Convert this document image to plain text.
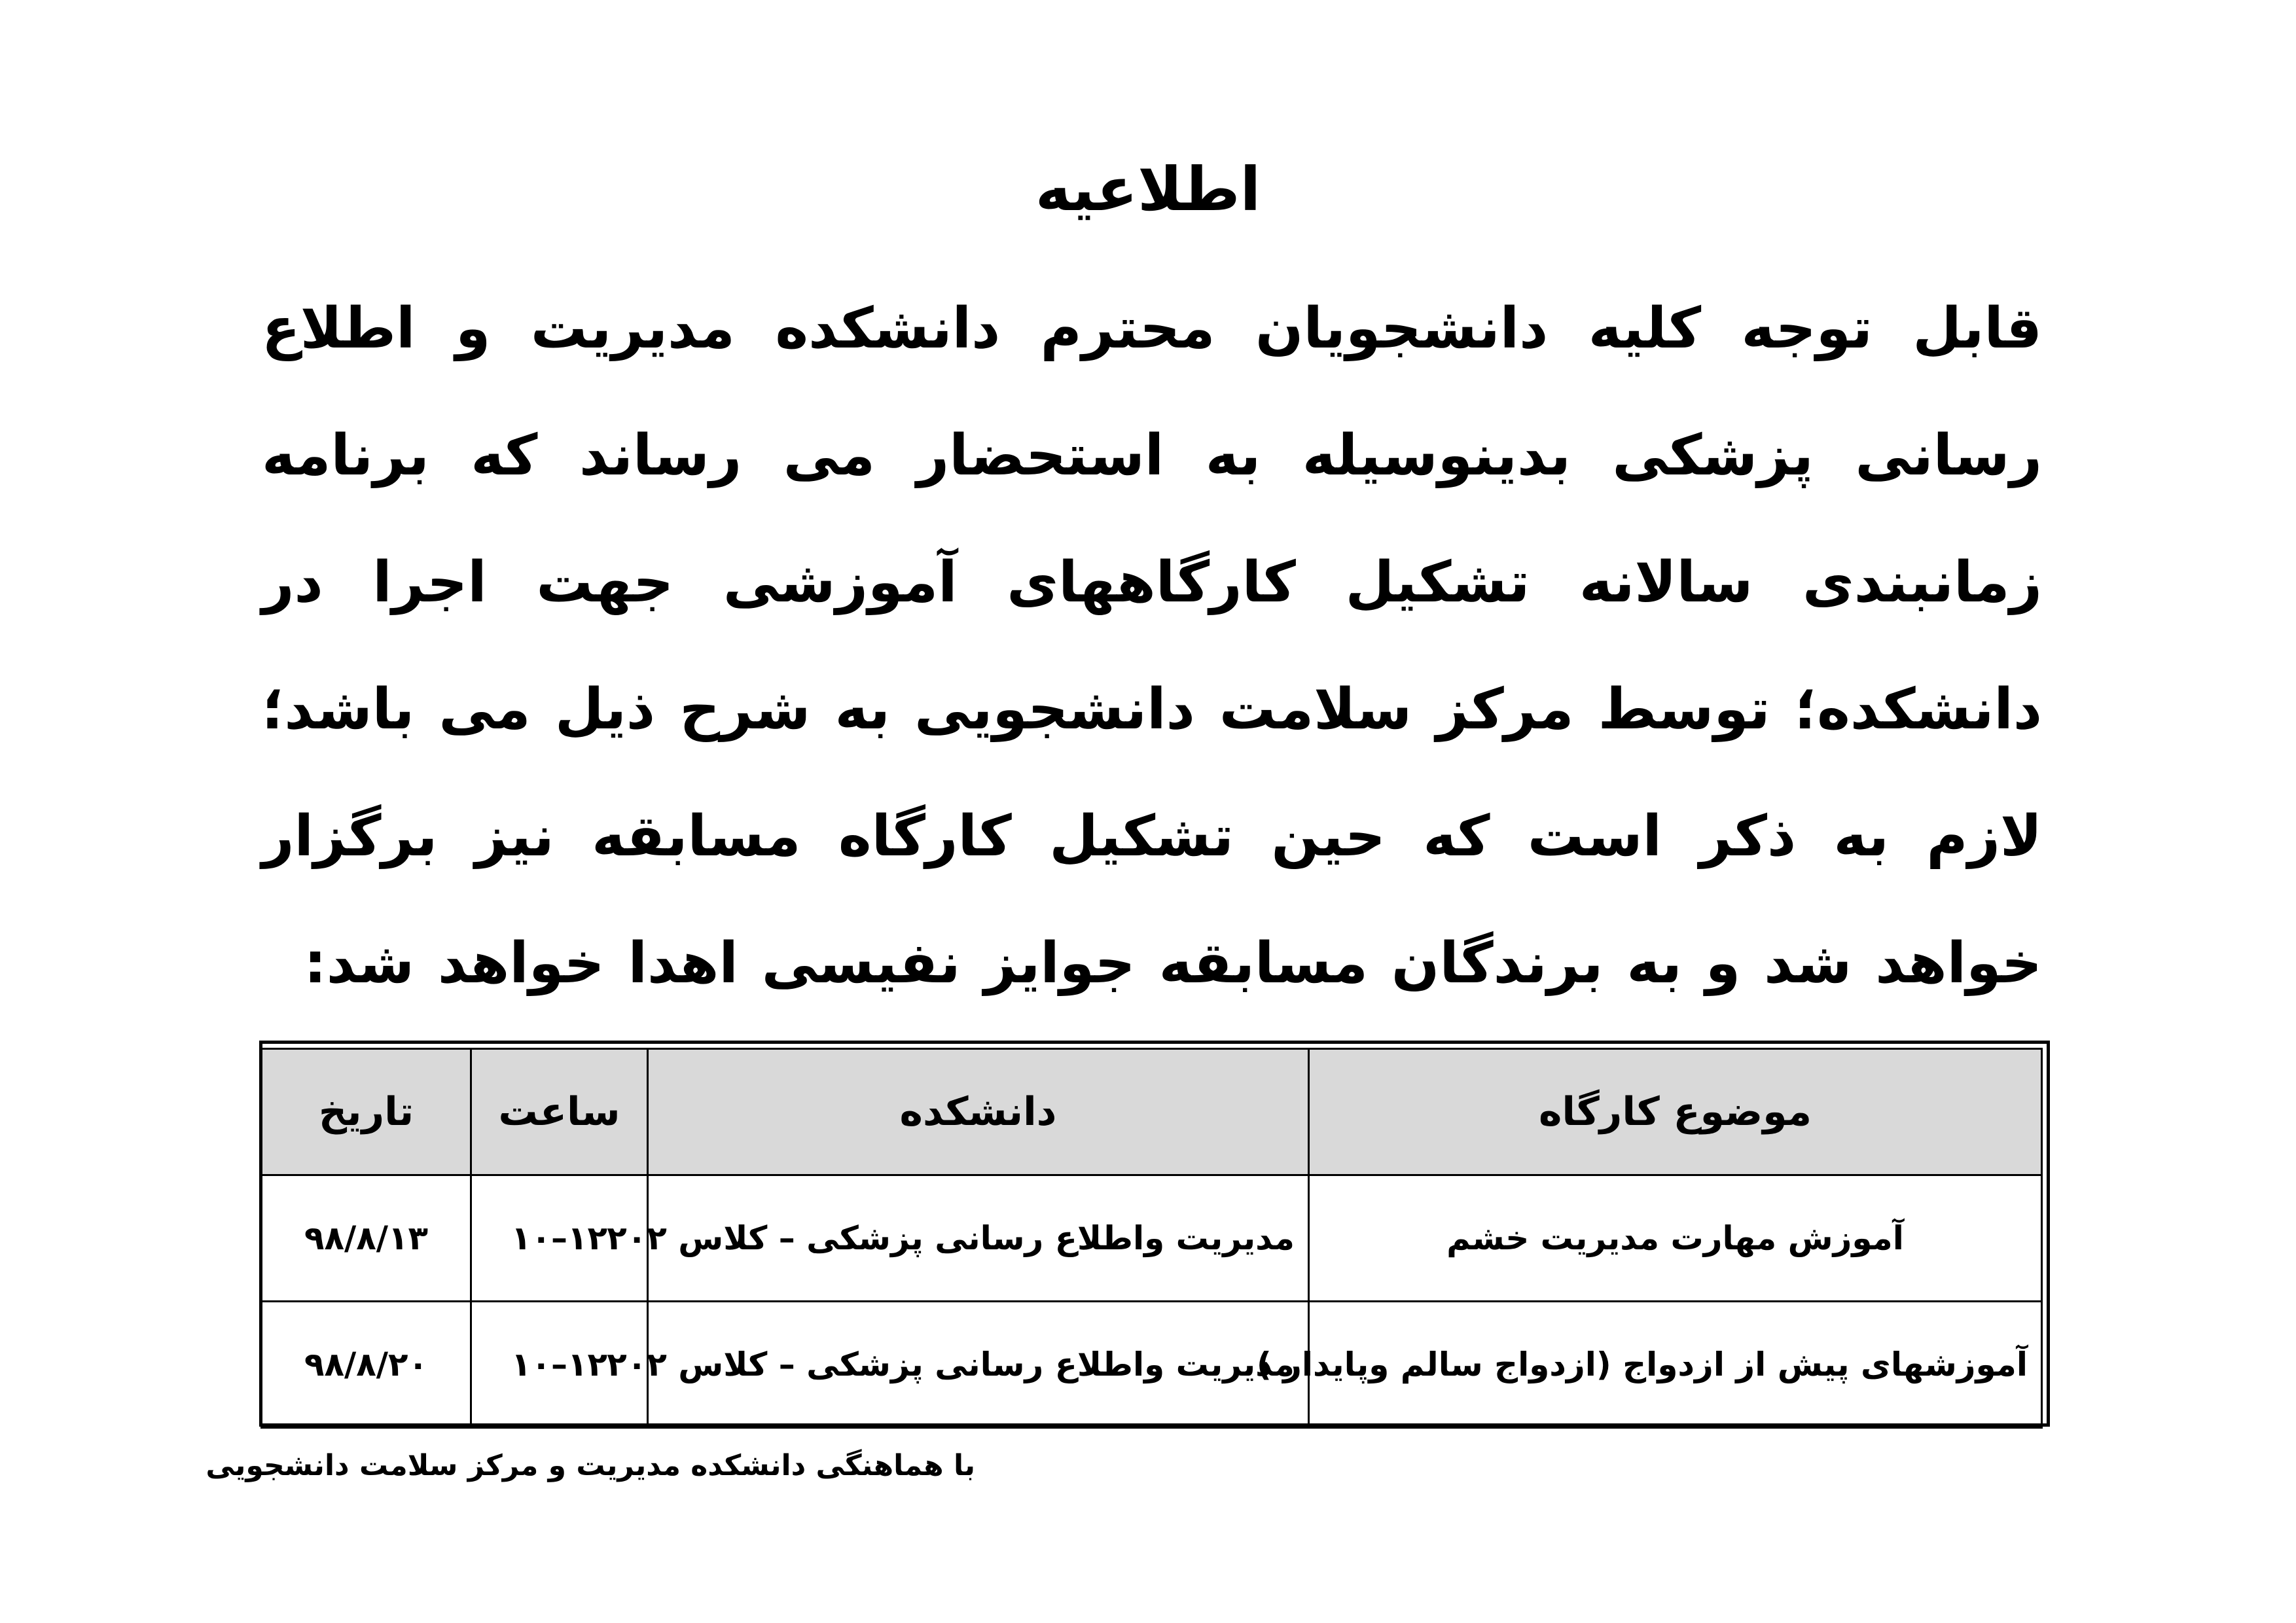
اطلاعیه
قابل توجه کلیه دانشجویان محترم دانشکده مدیریت و اطلاع رسانی پزشکی بدینوسیله به استحضار می رساند که برنامه زمانبندی سالانه تشکیل کارگاههای آموزشی جهت اجرا در دانشکده؛ توسط مرکز سلامت دانشجویی به شرح ذیل می باشد؛ لازم به ذکر است که حین تشکیل کارگاه مسابقه نیز برگزار خواهد شد و به برندگان مسابقه جوایز نفیسی اهدا خواهد شد:
موضوع کارگاه	دانشکده	ساعت	تاریخ
آموزش مهارت مدیریت خشم	مدیریت واطلاع رسانی پزشکی – کلاس ۲۰۲	۱۲–۱۰	۹۸/۸/۱۳
آموزشهای پیش از ازدواج (ازدواج سالم وپایدار )	مدیریت واطلاع رسانی پزشکی – کلاس ۲۰۲	۱۲–۱۰	۹۸/۸/۲۰
با هماهنگی دانشکده مدیریت و مرکز سلامت دانشجویی
